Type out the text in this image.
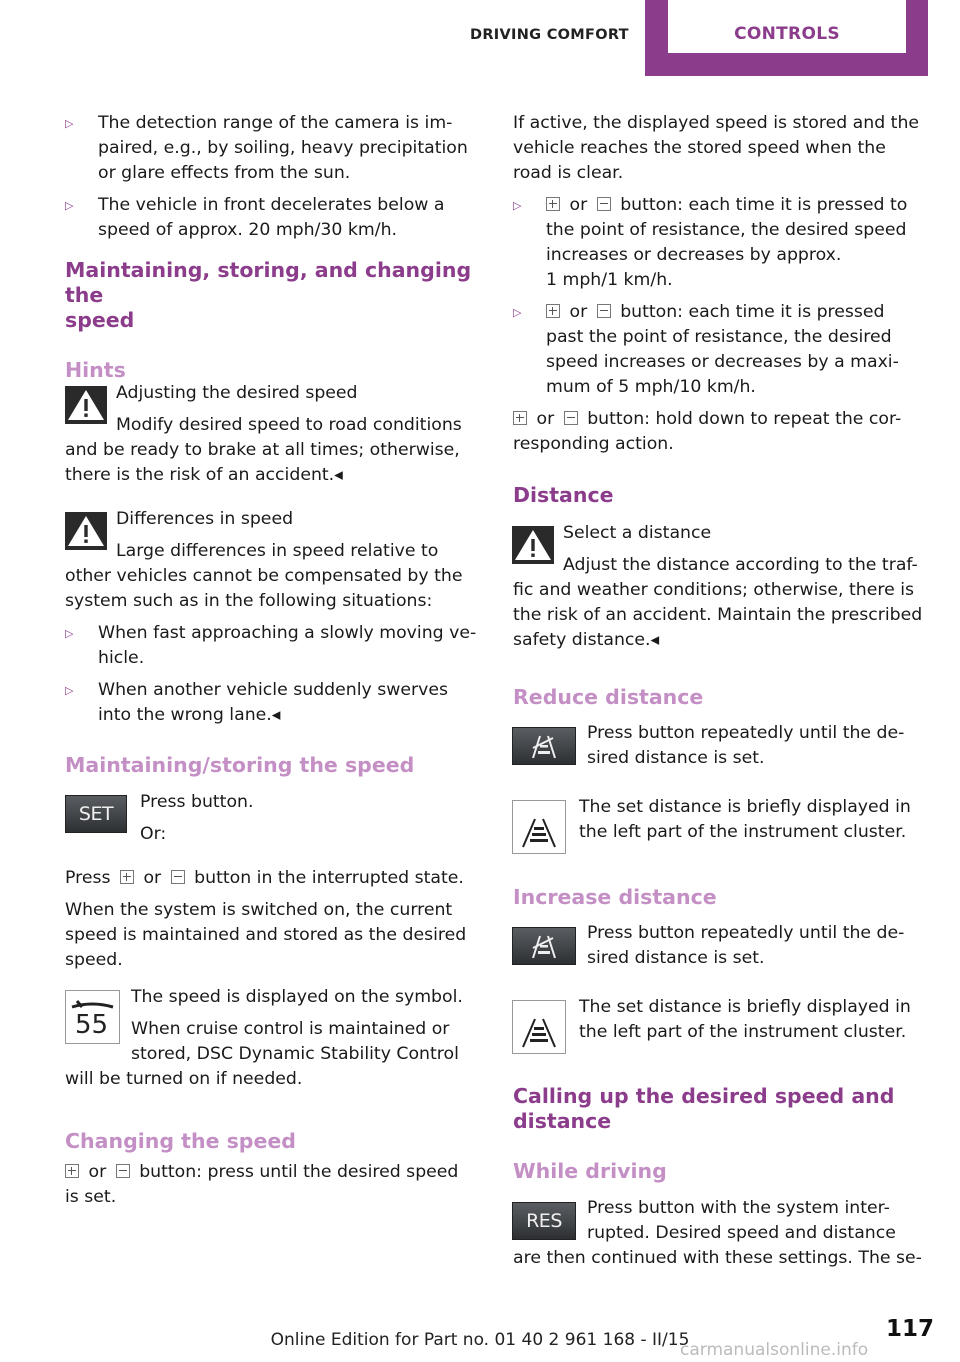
DRIVING COMFORT	CONTROLS
▷ The detection range of the camera is im-

paired, e.g., by soiling, heavy precipitation

or glare effects from the sun.

▷ The vehicle in front decelerates below a

speed of approx. 20 mph/30 km/h.

Maintaining, storing, and changing the

speed

Hints

Adjusting the desired speed

Modify desired speed to road conditions

and be ready to brake at all times; otherwise,

there is the risk of an accident.◂

Differences in speed

Large differences in speed relative to

other vehicles cannot be compensated by the

system such as in the following situations:

▷ When fast approaching a slowly moving ve-

hicle.

▷ When another vehicle suddenly swerves

into the wrong lane.◂

Maintaining/storing the speed

SET

Press button.

Or:

Press or button in the interrupted state.

When the system is switched on, the current

speed is maintained and stored as the desired

speed.

55

The speed is displayed on the symbol.

When cruise control is maintained or

stored, DSC Dynamic Stability Control

will be turned on if needed.

Changing the speed

or button: press until the desired speed

is set.

If active, the displayed speed is stored and the

vehicle reaches the stored speed when the

road is clear.

▷	or button: each time it is pressed to

the point of resistance, the desired speed

increases or decreases by approx.

1 mph/1 km/h.

▷	or button: each time it is pressed

past the point of resistance, the desired

speed increases or decreases by a maxi-

mum of 5 mph/10 km/h.

or button: hold down to repeat the cor-

responding action.

Distance

Select a distance

Adjust the distance according to the traf-

fic and weather conditions; otherwise, there is

the risk of an accident. Maintain the prescribed

safety distance.◂

Reduce distance

Press button repeatedly until the de-

sired distance is set.

The set distance is briefly displayed in

the left part of the instrument cluster.

Increase distance

Press button repeatedly until the de-

sired distance is set.

The set distance is briefly displayed in

the left part of the instrument cluster.

Calling up the desired speed and

distance

While driving

RES

Press button with the system inter-

rupted. Desired speed and distance

are then continued with these settings. The se-

117
Online Edition for Part no. 01 40 2 961 168 - II/15
carmanualsonline.info
